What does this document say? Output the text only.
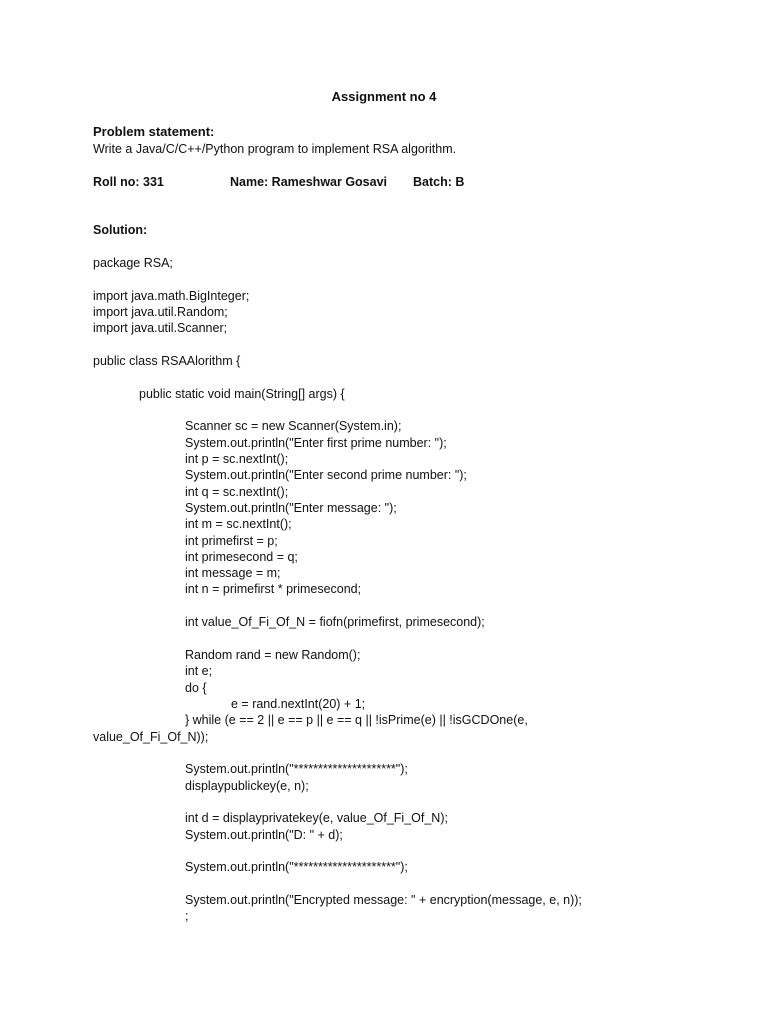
Assignment no 4
Problem statement:
Write a Java/C/C++/Python program to implement RSA algorithm.
Roll no: 331	Name: Rameshwar Gosavi Batch: B
Solution:
package RSA;
import java.math.BigInteger;
import java.util.Random;
import java.util.Scanner;
public class RSAAlorithm {
public static void main(String[] args) {
Scanner sc = new Scanner(System.in);
System.out.println("Enter first prime number: ");
int p = sc.nextInt();
System.out.println("Enter second prime number: ");
int q = sc.nextInt();
System.out.println("Enter message: ");
int m = sc.nextInt();
int primefirst = p;
int primesecond = q;
int message = m;
int n = primefirst * primesecond;
int value_Of_Fi_Of_N = fiofn(primefirst, primesecond);
Random rand = new Random();
int e;
do {
e = rand.nextInt(20) + 1;
} while (e == 2 || e == p || e == q || !isPrime(e) || !isGCDOne(e,
value_Of_Fi_Of_N));
System.out.println("*********************");
displaypublickey(e, n);
int d = displayprivatekey(e, value_Of_Fi_Of_N);
System.out.println("D: " + d);
System.out.println("*********************");
System.out.println("Encrypted message: " + encryption(message, e, n));
;
